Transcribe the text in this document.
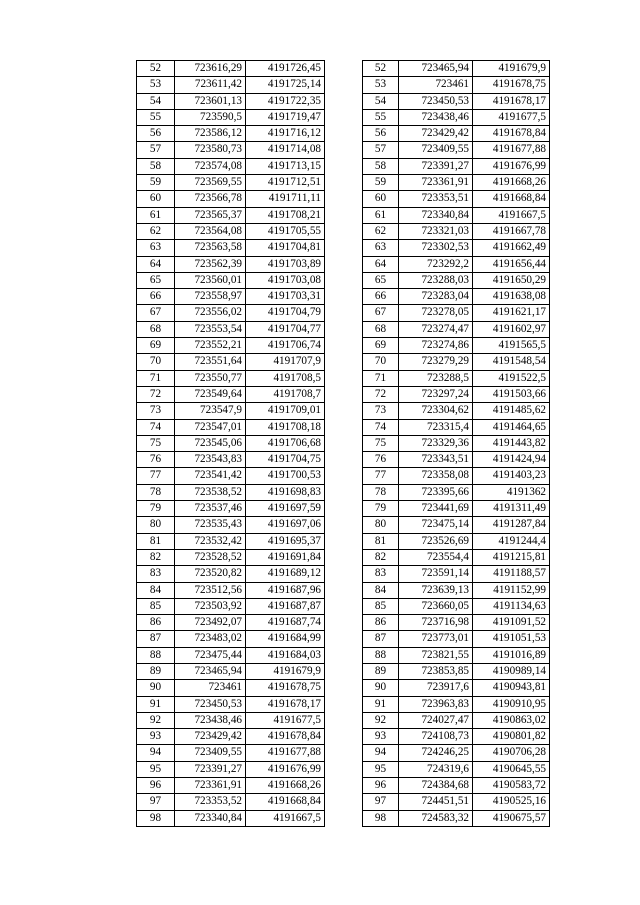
52	723616,29	4191726,45
53	723611,42	4191725,14
54	723601,13	4191722,35
55	723590,5	4191719,47
56	723586,12	4191716,12
57	723580,73	4191714,08
58	723574,08	4191713,15
59	723569,55	4191712,51
60	723566,78	4191711,11
61	723565,37	4191708,21
62	723564,08	4191705,55
63	723563,58	4191704,81
64	723562,39	4191703,89
65	723560,01	4191703,08
66	723558,97	4191703,31
67	723556,02	4191704,79
68	723553,54	4191704,77
69	723552,21	4191706,74
70	723551,64	4191707,9
71	723550,77	4191708,5
72	723549,64	4191708,7
73	723547,9	4191709,01
74	723547,01	4191708,18
75	723545,06	4191706,68
76	723543,83	4191704,75
77	723541,42	4191700,53
78	723538,52	4191698,83
79	723537,46	4191697,59
80	723535,43	4191697,06
81	723532,42	4191695,37
82	723528,52	4191691,84
83	723520,82	4191689,12
84	723512,56	4191687,96
85	723503,92	4191687,87
86	723492,07	4191687,74
87	723483,02	4191684,99
88	723475,44	4191684,03
89	723465,94	4191679,9
90	723461	4191678,75
91	723450,53	4191678,17
92	723438,46	4191677,5
93	723429,42	4191678,84
94	723409,55	4191677,88
95	723391,27	4191676,99
96	723361,91	4191668,26
97	723353,52	4191668,84
98	723340,84	4191667,5
52	723465,94	4191679,9
53	723461	4191678,75
54	723450,53	4191678,17
55	723438,46	4191677,5
56	723429,42	4191678,84
57	723409,55	4191677,88
58	723391,27	4191676,99
59	723361,91	4191668,26
60	723353,51	4191668,84
61	723340,84	4191667,5
62	723321,03	4191667,78
63	723302,53	4191662,49
64	723292,2	4191656,44
65	723288,03	4191650,29
66	723283,04	4191638,08
67	723278,05	4191621,17
68	723274,47	4191602,97
69	723274,86	4191565,5
70	723279,29	4191548,54
71	723288,5	4191522,5
72	723297,24	4191503,66
73	723304,62	4191485,62
74	723315,4	4191464,65
75	723329,36	4191443,82
76	723343,51	4191424,94
77	723358,08	4191403,23
78	723395,66	4191362
79	723441,69	4191311,49
80	723475,14	4191287,84
81	723526,69	4191244,4
82	723554,4	4191215,81
83	723591,14	4191188,57
84	723639,13	4191152,99
85	723660,05	4191134,63
86	723716,98	4191091,52
87	723773,01	4191051,53
88	723821,55	4191016,89
89	723853,85	4190989,14
90	723917,6	4190943,81
91	723963,83	4190910,95
92	724027,47	4190863,02
93	724108,73	4190801,82
94	724246,25	4190706,28
95	724319,6	4190645,55
96	724384,68	4190583,72
97	724451,51	4190525,16
98	724583,32	4190675,57
